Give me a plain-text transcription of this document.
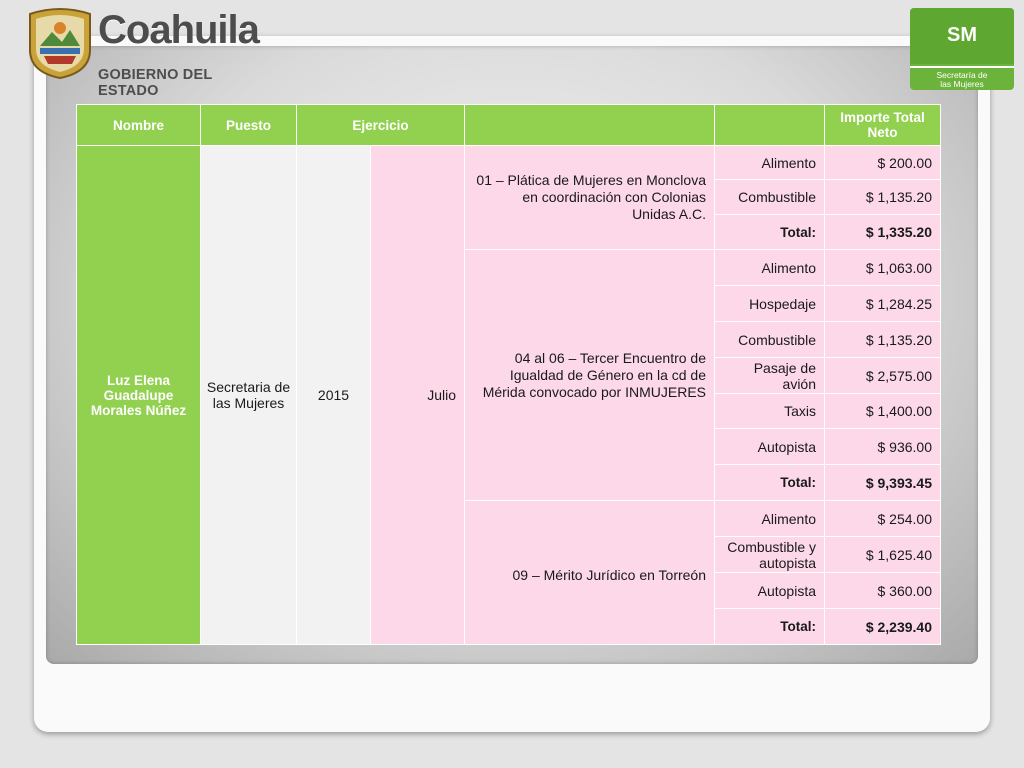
Coahuila
GOBIERNO DEL ESTADO
SM
Secretaría de
las Mujeres
Nombre	Puesto	Ejercicio				Importe Total Neto
Luz Elena Guadalupe Morales Núñez	Secretaria de las Mujeres	2015	Julio	01 – Plática de Mujeres en Monclova en coordinación con Colonias Unidas A.C.	Alimento	$ 200.00
					Combustible	$ 1,135.20
					Total:	$ 1,335.20
				04 al 06 – Tercer Encuentro de Igualdad de Género en la cd de Mérida convocado por INMUJERES	Alimento	$ 1,063.00
					Hospedaje	$ 1,284.25
					Combustible	$ 1,135.20
					Pasaje de avión	$ 2,575.00
					Taxis	$ 1,400.00
					Autopista	$ 936.00
					Total:	$ 9,393.45
				09 – Mérito Jurídico en Torreón	Alimento	$ 254.00
					Combustible y autopista	$ 1,625.40
					Autopista	$ 360.00
					Total:	$ 2,239.40
